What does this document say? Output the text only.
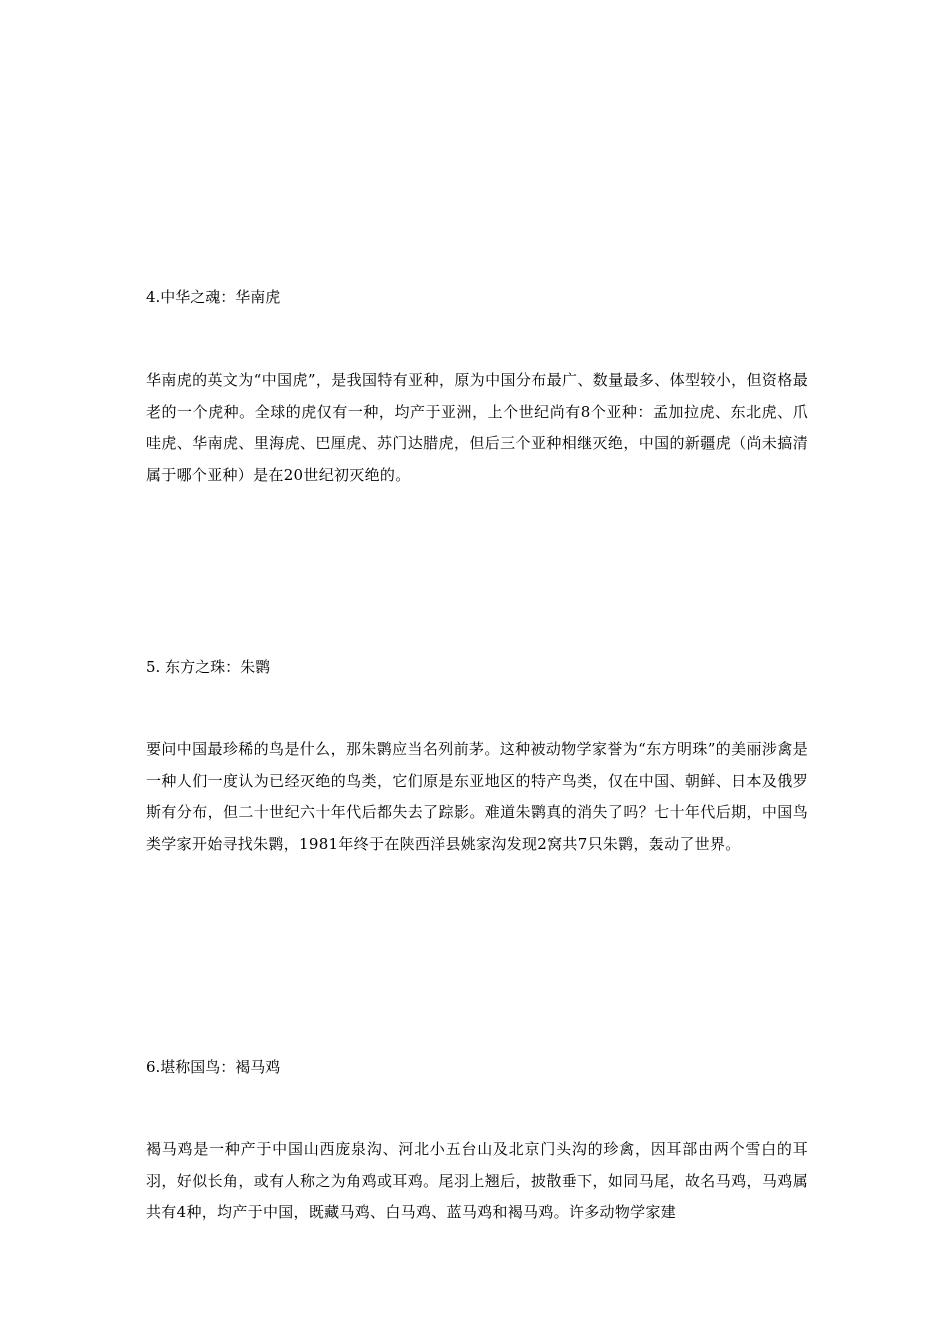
4.中华之魂：华南虎

华南虎的英文为“中国虎”，是我国特有亚种，原为中国分布最广、数量最多、体型较小，但资格最老的一个虎种。全球的虎仅有一种，均产于亚洲，上个世纪尚有8个亚种：孟加拉虎、东北虎、爪哇虎、华南虎、里海虎、巴厘虎、苏门达腊虎，但后三个亚种相继灭绝，中国的新疆虎（尚未搞清属于哪个亚种）是在20世纪初灭绝的。

5. 东方之珠：朱鹮

要问中国最珍稀的鸟是什么，那朱鹮应当名列前茅。这种被动物学家誉为“东方明珠”的美丽涉禽是一种人们一度认为已经灭绝的鸟类，它们原是东亚地区的特产鸟类，仅在中国、朝鲜、日本及俄罗斯有分布，但二十世纪六十年代后都失去了踪影。难道朱鹮真的消失了吗？七十年代后期，中国鸟类学家开始寻找朱鹮，1981年终于在陕西洋县姚家沟发现2窝共7只朱鹮，轰动了世界。

6.堪称国鸟：褐马鸡

褐马鸡是一种产于中国山西庞泉沟、河北小五台山及北京门头沟的珍禽，因耳部由两个雪白的耳羽，好似长角，或有人称之为角鸡或耳鸡。尾羽上翘后，披散垂下，如同马尾，故名马鸡，马鸡属共有4种，均产于中国，既藏马鸡、白马鸡、蓝马鸡和褐马鸡。许多动物学家建
